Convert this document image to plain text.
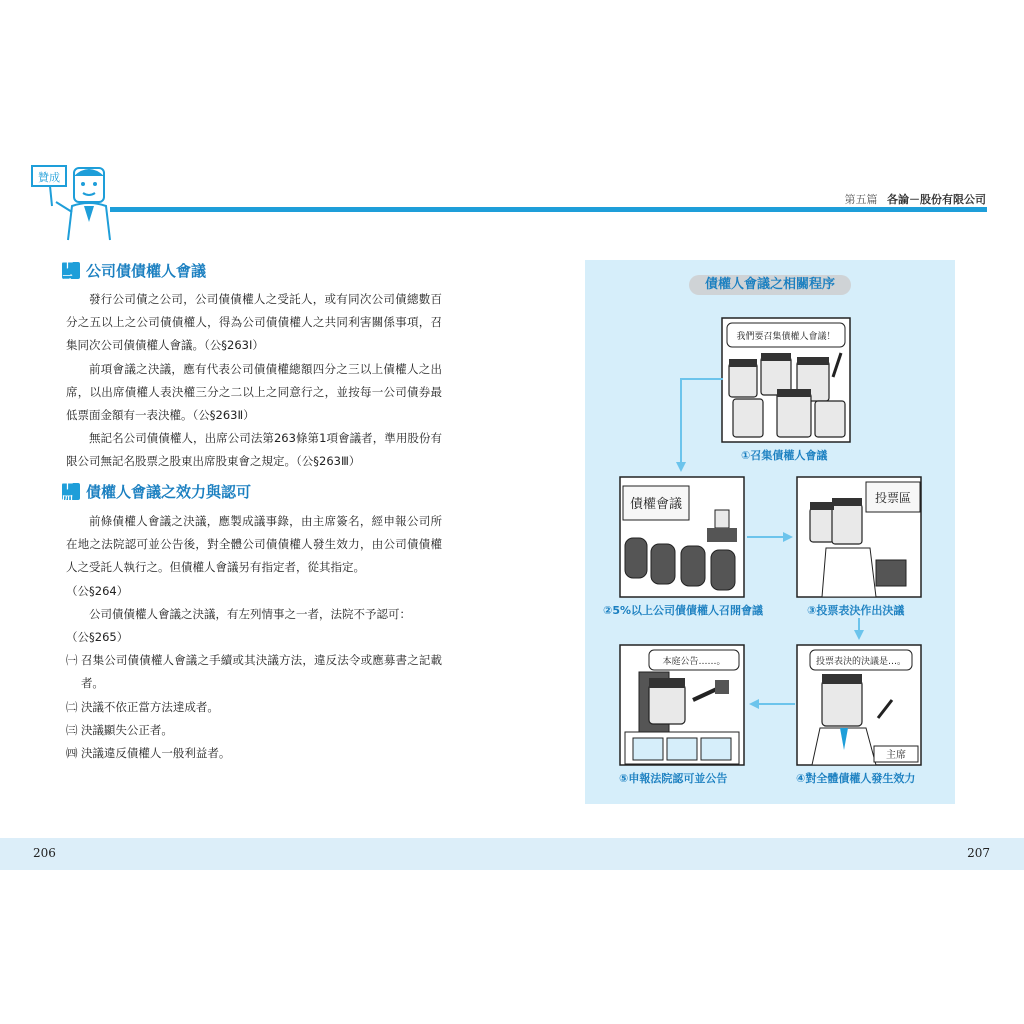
贊成
第五篇 各論－股份有限公司
十三 公司債債權人會議

發行公司債之公司，公司債債權人之受託人，或有同次公司債總數百分之五以上之公司債債權人，得為公司債債權人之共同利害關係事項，召集同次公司債債權人會議。（公§263Ⅰ）

前項會議之決議，應有代表公司債債權總額四分之三以上債權人之出席，以出席債權人表決權三分之二以上之同意行之，並按每一公司債券最低票面金額有一表決權。（公§263Ⅱ）

無記名公司債債權人，出席公司法第263條第1項會議者，準用股份有限公司無記名股票之股東出席股東會之規定。（公§263Ⅲ）

十四 債權人會議之效力與認可

前條債權人會議之決議，應製成議事錄，由主席簽名，經申報公司所在地之法院認可並公告後，對全體公司債債權人發生效力，由公司債債權人之受託人執行之。但債權人會議另有指定者，從其指定。

（公§264）

公司債債權人會議之決議，有左列情事之一者，法院不予認可：

（公§265）

㈠ 召集公司債債權人會議之手續或其決議方法，違反法令或應募書之記載者。

㈡ 決議不依正當方法達成者。

㈢ 決議顯失公正者。

㈣ 決議違反債權人一般利益者。

債權人會議之相關程序
我們要召集債權人會議！
①召集債權人會議
債權會議
②5%以上公司債債權人召開會議
投票區
③投票表決作出決議
投票表決的決議是…。
主席
④對全體債權人發生效力
本庭公告……。
⑤申報法院認可並公告
206	207
